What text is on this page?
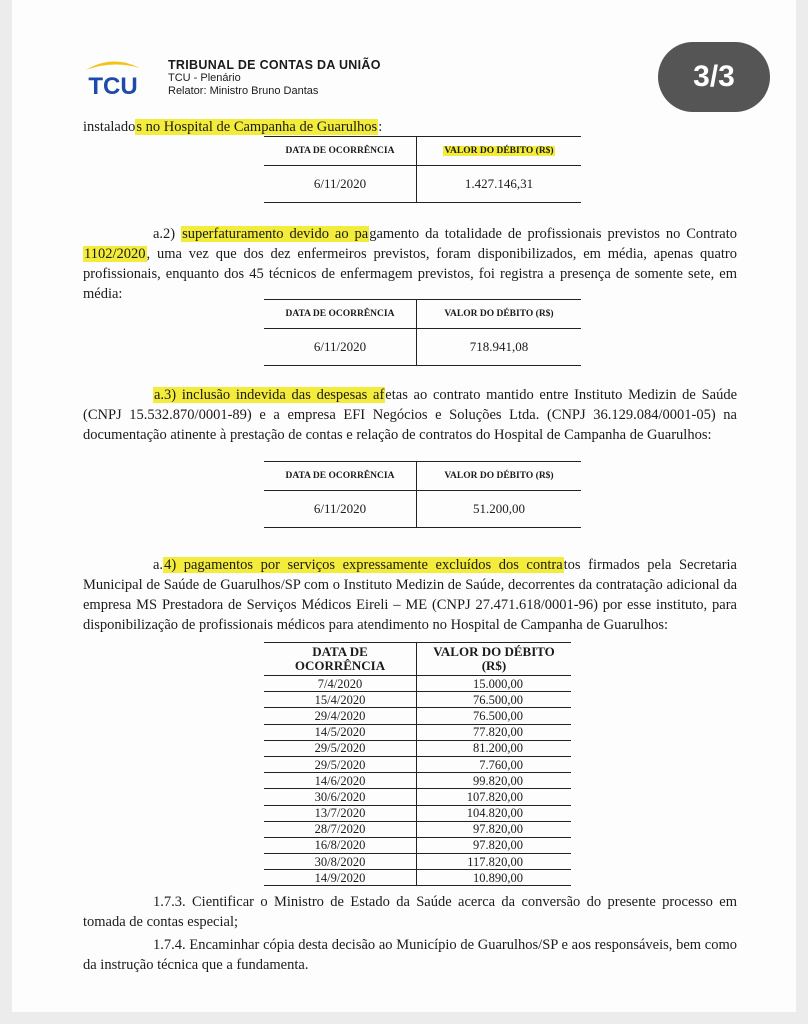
TCU
TRIBUNAL DE CONTAS DA UNIÃO
TCU - Plenário
Relator: Ministro Bruno Dantas	3/3
instalados no Hospital de Campanha de Guarulhos:
DATA DE OCORRÊNCIA	VALOR DO DÉBITO (R$)
6/11/2020	1.427.146,31
a.2) superfaturamento devido ao pagamento da totalidade de profissionais previstos no Contrato 1102/2020, uma vez que dos dez enfermeiros previstos, foram disponibilizados, em média, apenas quatro profissionais, enquanto dos 45 técnicos de enfermagem previstos, foi registra a presença de somente sete, em média:
DATA DE OCORRÊNCIA	VALOR DO DÉBITO (R$)
6/11/2020	718.941,08
a.3) inclusão indevida das despesas afetas ao contrato mantido entre Instituto Medizin de Saúde (CNPJ 15.532.870/0001-89) e a empresa EFI Negócios e Soluções Ltda. (CNPJ 36.129.084/0001-05) na documentação atinente à prestação de contas e relação de contratos do Hospital de Campanha de Guarulhos:
DATA DE OCORRÊNCIA	VALOR DO DÉBITO (R$)
6/11/2020	51.200,00
a.4) pagamentos por serviços expressamente excluídos dos contratos firmados pela Secretaria Municipal de Saúde de Guarulhos/SP com o Instituto Medizin de Saúde, decorrentes da contratação adicional da empresa MS Prestadora de Serviços Médicos Eireli – ME (CNPJ 27.471.618/0001-96) por esse instituto, para disponibilização de profissionais médicos para atendimento no Hospital de Campanha de Guarulhos:
DATA DE
OCORRÊNCIA	VALOR DO DÉBITO
(R$)
7/4/2020	15.000,00
15/4/2020	76.500,00
29/4/2020	76.500,00
14/5/2020	77.820,00
29/5/2020	81.200,00
29/5/2020	7.760,00
14/6/2020	99.820,00
30/6/2020	107.820,00
13/7/2020	104.820,00
28/7/2020	97.820,00
16/8/2020	97.820,00
30/8/2020	117.820,00
14/9/2020	10.890,00
1.7.3. Cientificar o Ministro de Estado da Saúde acerca da conversão do presente processo em tomada de contas especial;
1.7.4. Encaminhar cópia desta decisão ao Município de Guarulhos/SP e aos responsáveis, bem como da instrução técnica que a fundamenta.
